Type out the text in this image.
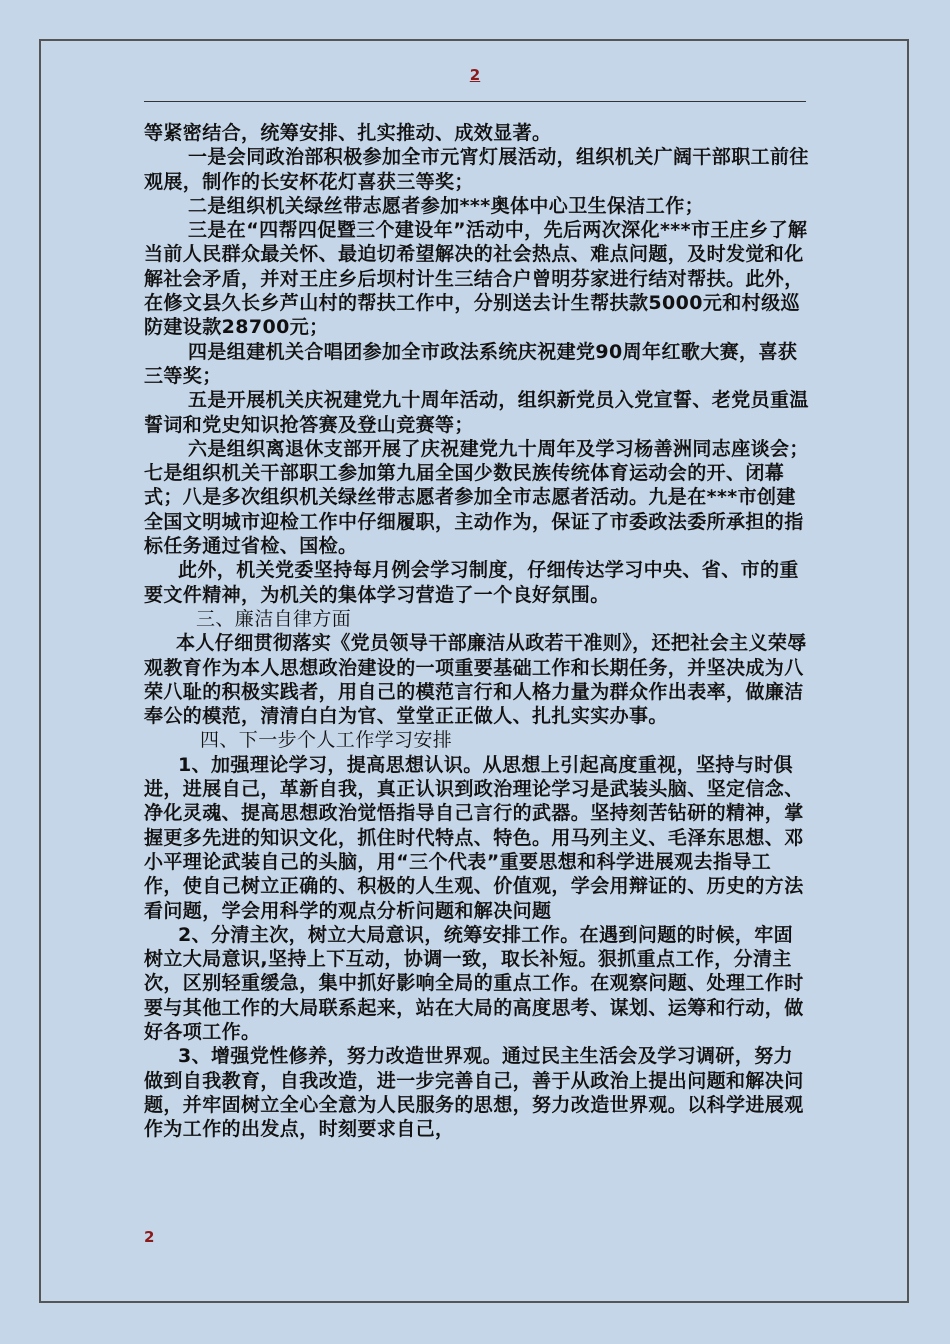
2

等紧密结合，统筹安排、扎实推动、成效显著。

一是会同政治部积极参加全市元宵灯展活动，组织机关广阔干部职工前往观展，制作的长安杯花灯喜获三等奖；

二是组织机关绿丝带志愿者参加***奥体中心卫生保洁工作；

三是在“四帮四促暨三个建设年”活动中，先后两次深化***市王庄乡了解当前人民群众最关怀、最迫切希望解决的社会热点、难点问题，及时发觉和化解社会矛盾，并对王庄乡后坝村计生三结合户曾明芬家进行结对帮扶。此外，在修文县久长乡芦山村的帮扶工作中，分别送去计生帮扶款5000元和村级巡防建设款28700元；

四是组建机关合唱团参加全市政法系统庆祝建党90周年红歌大赛，喜获三等奖；

五是开展机关庆祝建党九十周年活动，组织新党员入党宣誓、老党员重温誓词和党史知识抢答赛及登山竞赛等；

六是组织离退休支部开展了庆祝建党九十周年及学习杨善洲同志座谈会；七是组织机关干部职工参加第九届全国少数民族传统体育运动会的开、闭幕式；八是多次组织机关绿丝带志愿者参加全市志愿者活动。九是在***市创建全国文明城市迎检工作中仔细履职，主动作为，保证了市委政法委所承担的指标任务通过省检、国检。

此外，机关党委坚持每月例会学习制度，仔细传达学习中央、省、市的重要文件精神，为机关的集体学习营造了一个良好氛围。

三、廉洁自律方面

本人仔细贯彻落实《党员领导干部廉洁从政若干准则》，还把社会主义荣辱观教育作为本人思想政治建设的一项重要基础工作和长期任务，并坚决成为八荣八耻的积极实践者，用自己的模范言行和人格力量为群众作出表率，做廉洁奉公的模范，清清白白为官、堂堂正正做人、扎扎实实办事。

四、下一步个人工作学习安排

1、加强理论学习，提高思想认识。从思想上引起高度重视，坚持与时俱进，进展自己，革新自我，真正认识到政治理论学习是武装头脑、坚定信念、净化灵魂、提高思想政治觉悟指导自己言行的武器。坚持刻苦钻研的精神，掌握更多先进的知识文化，抓住时代特点、特色。用马列主义、毛泽东思想、邓小平理论武装自己的头脑，用“三个代表”重要思想和科学进展观去指导工作，使自己树立正确的、积极的人生观、价值观，学会用辩证的、历史的方法看问题，学会用科学的观点分析问题和解决问题

2、分清主次，树立大局意识，统筹安排工作。在遇到问题的时候，牢固树立大局意识,坚持上下互动，协调一致，取长补短。狠抓重点工作，分清主次，区别轻重缓急，集中抓好影响全局的重点工作。在观察问题、处理工作时要与其他工作的大局联系起来，站在大局的高度思考、谋划、运筹和行动，做好各项工作。

3、增强党性修养，努力改造世界观。通过民主生活会及学习调研，努力做到自我教育，自我改造，进一步完善自己，善于从政治上提出问题和解决问题，并牢固树立全心全意为人民服务的思想，努力改造世界观。以科学进展观作为工作的出发点，时刻要求自己，

2
